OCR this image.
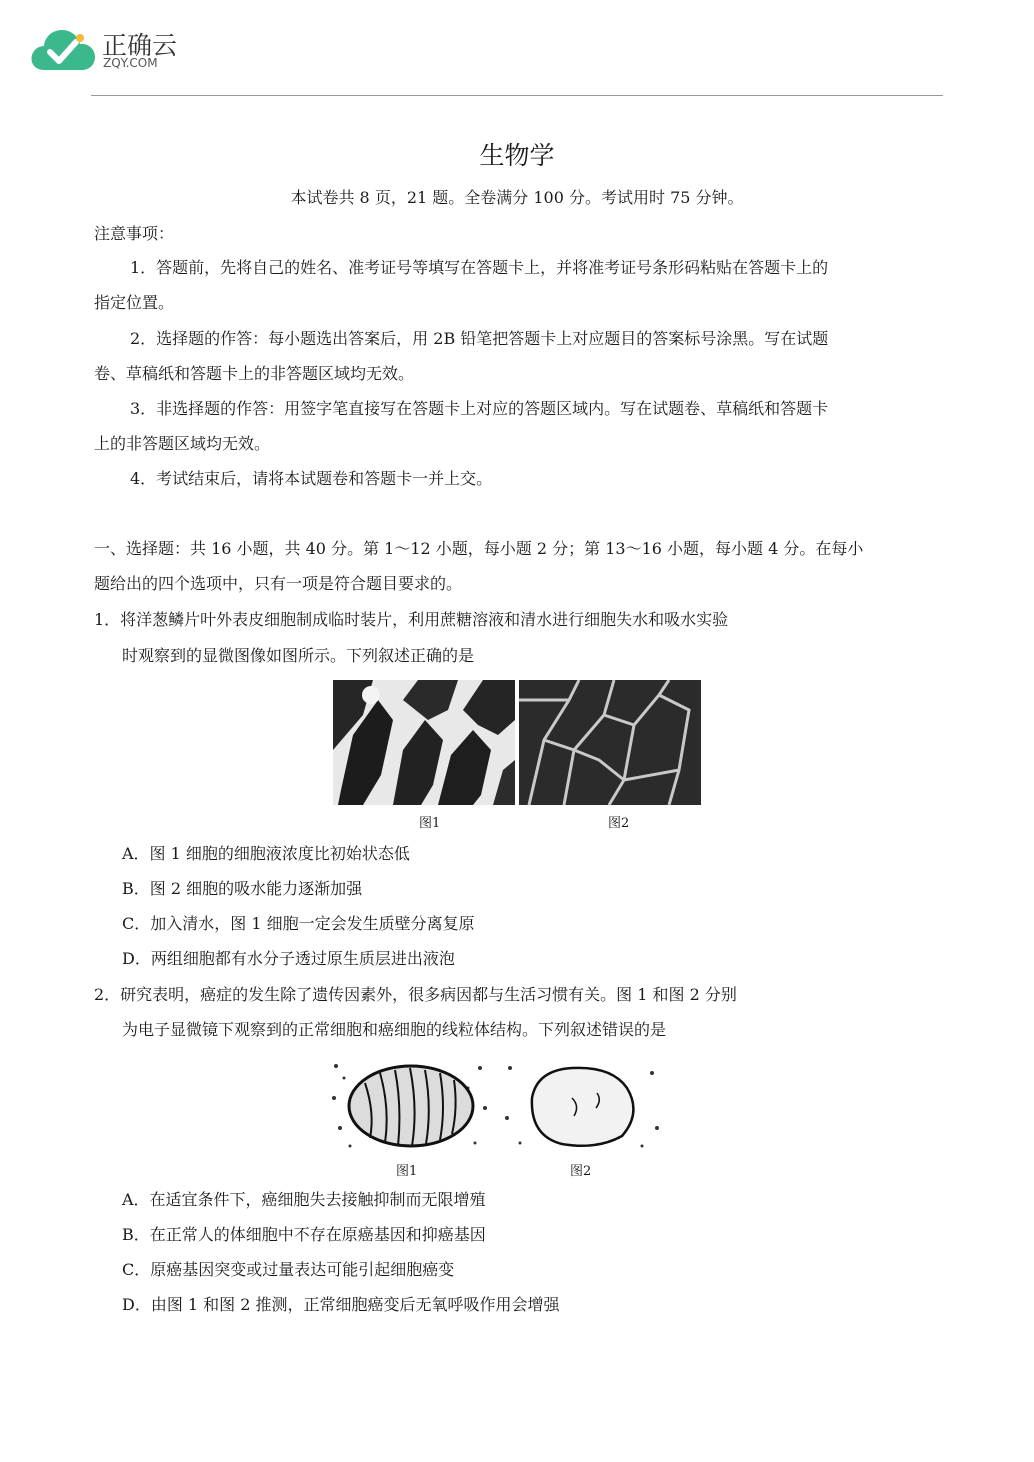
正确云
ZQY.COM
生物学
本试卷共 8 页，21 题。全卷满分 100 分。考试用时 75 分钟。
注意事项：
1．答题前，先将自己的姓名、准考证号等填写在答题卡上，并将准考证号条形码粘贴在答题卡上的
指定位置。
2．选择题的作答：每小题选出答案后，用 2B 铅笔把答题卡上对应题目的答案标号涂黑。写在试题
卷、草稿纸和答题卡上的非答题区域均无效。
3．非选择题的作答：用签字笔直接写在答题卡上对应的答题区域内。写在试题卷、草稿纸和答题卡
上的非答题区域均无效。
4．考试结束后，请将本试题卷和答题卡一并上交。
一、选择题：共 16 小题，共 40 分。第 1～12 小题，每小题 2 分；第 13～16 小题，每小题 4 分。在每小
题给出的四个选项中，只有一项是符合题目要求的。
1．将洋葱鳞片叶外表皮细胞制成临时装片，利用蔗糖溶液和清水进行细胞失水和吸水实验
时观察到的显微图像如图所示。下列叙述正确的是
图1	图2
A．图 1 细胞的细胞液浓度比初始状态低
B．图 2 细胞的吸水能力逐渐加强
C．加入清水，图 1 细胞一定会发生质壁分离复原
D．两组细胞都有水分子透过原生质层进出液泡
2．研究表明，癌症的发生除了遗传因素外，很多病因都与生活习惯有关。图 1 和图 2 分别
为电子显微镜下观察到的正常细胞和癌细胞的线粒体结构。下列叙述错误的是
图1	图2
A．在适宜条件下，癌细胞失去接触抑制而无限增殖
B．在正常人的体细胞中不存在原癌基因和抑癌基因
C．原癌基因突变或过量表达可能引起细胞癌变
D．由图 1 和图 2 推测，正常细胞癌变后无氧呼吸作用会增强
